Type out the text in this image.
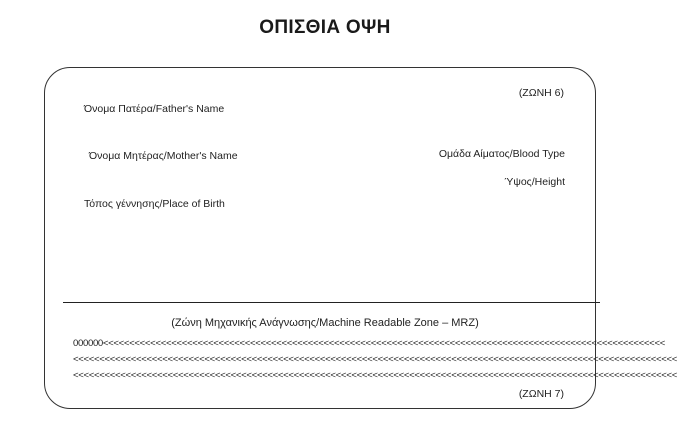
ΟΠΙΣΘΙΑ ΟΨΗ
(ΖΩΝΗ 6)
Όνομα Πατέρα/Father's Name
Όνομα Μητέρας/Mother's Name	Ομάδα Αίματος/Blood Type
Ύψος/Height
Τόπος γέννησης/Place of Birth
(Ζώνη Μηχανικής Ανάγνωσης/Machine Readable Zone – MRZ)
000000<<<<<<<<<<<<<<<<<<<<<<<<<<<<<<<<<<<<<<<<<<<<<<<<<<<<<<<<<<<<<<<<<<<<<<<<<<<<<<<<<<<<<<<<<<<<<<<<<<<<<<<<<<<
<<<<<<<<<<<<<<<<<<<<<<<<<<<<<<<<<<<<<<<<<<<<<<<<<<<<<<<<<<<<<<<<<<<<<<<<<<<<<<<<<<<<<<<<<<<<<<<<<<<<<<<<<<<<<<<<<<<
<<<<<<<<<<<<<<<<<<<<<<<<<<<<<<<<<<<<<<<<<<<<<<<<<<<<<<<<<<<<<<<<<<<<<<<<<<<<<<<<<<<<<<<<<<<<<<<<<<<<<<<<<<<<<<<<<<<
(ΖΩΝΗ 7)
